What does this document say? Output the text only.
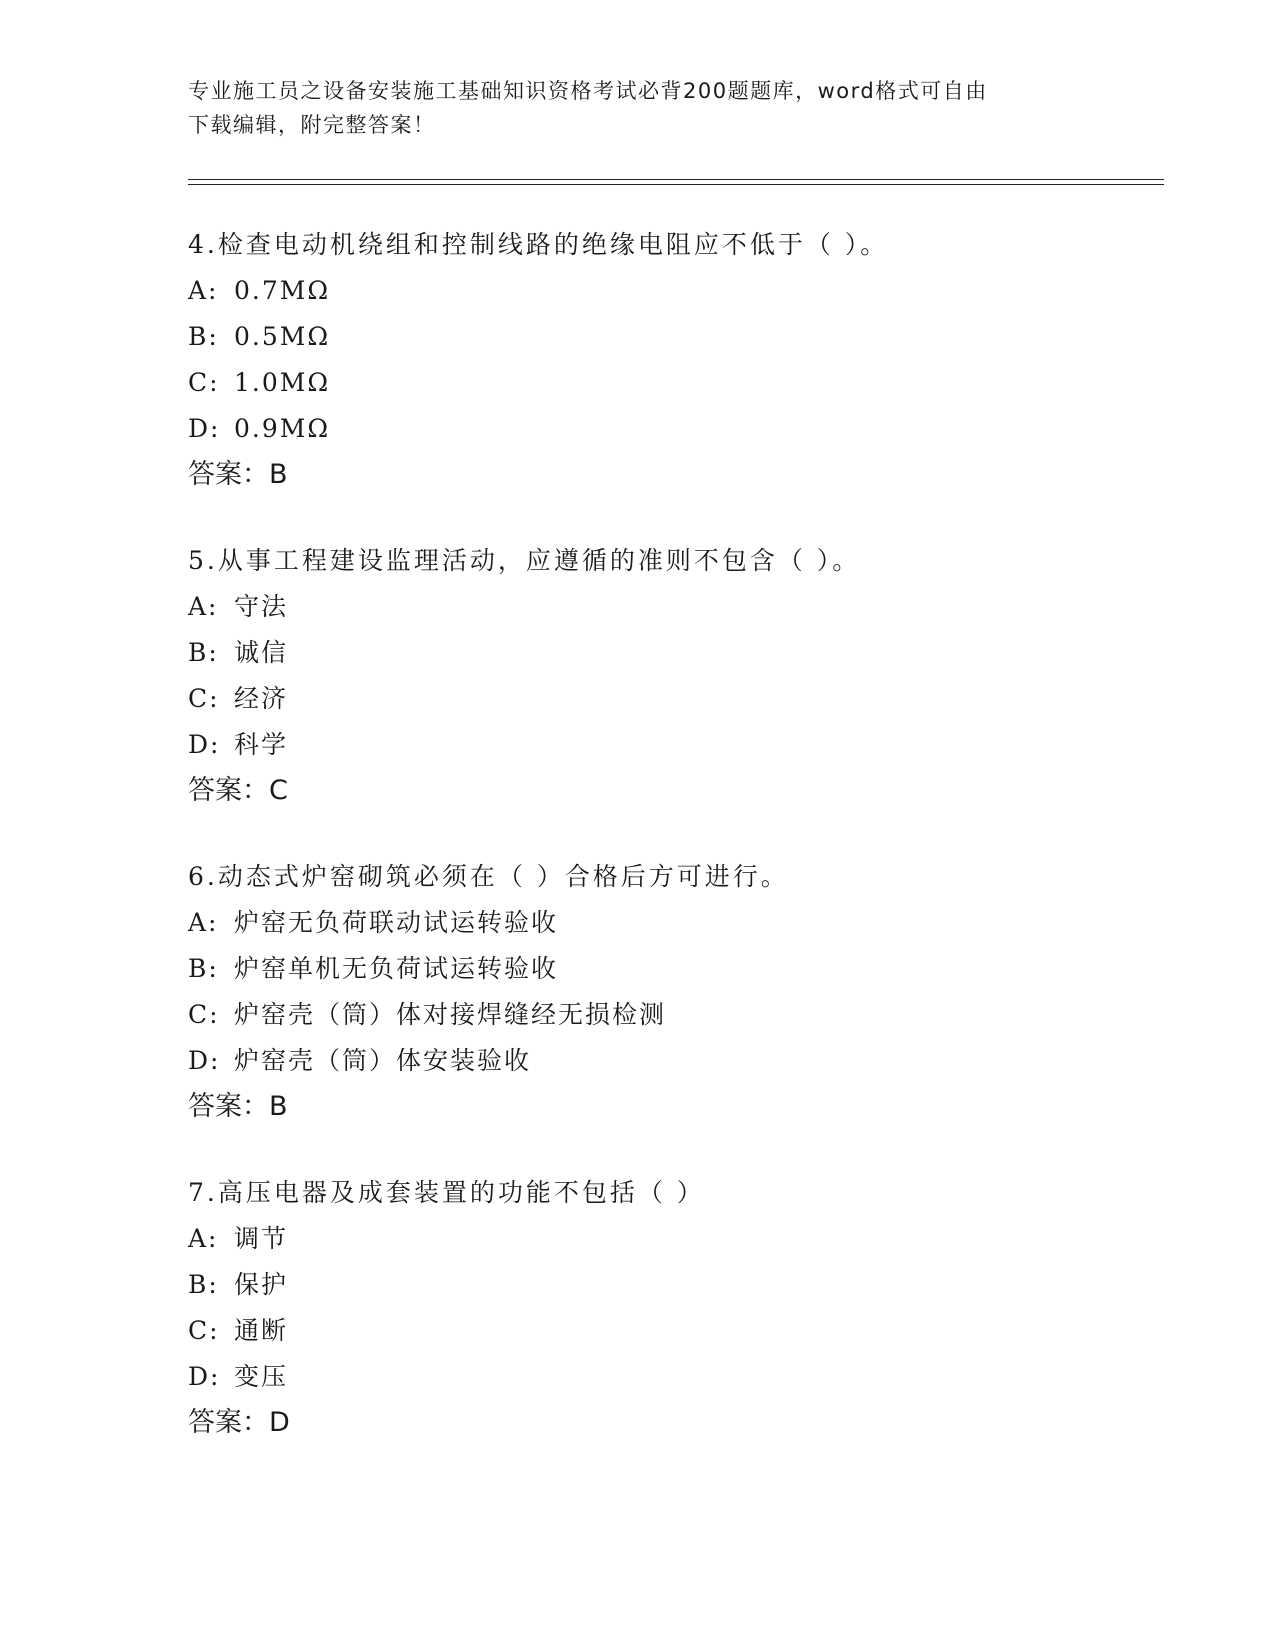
专业施工员之设备安装施工基础知识资格考试必背200题题库，word格式可自由
下载编辑，附完整答案！
4.检查电动机绕组和控制线路的绝缘电阻应不低于（ ）。
A: 0.7MΩ
B: 0.5MΩ
C: 1.0MΩ
D: 0.9MΩ
答案：B
5.从事工程建设监理活动，应遵循的准则不包含（ ）。
A: 守法
B: 诚信
C: 经济
D: 科学
答案：C
6.动态式炉窑砌筑必须在（ ）合格后方可进行。
A: 炉窑无负荷联动试运转验收
B: 炉窑单机无负荷试运转验收
C: 炉窑壳（筒）体对接焊缝经无损检测
D: 炉窑壳（筒）体安装验收
答案：B
7.高压电器及成套装置的功能不包括（ ）
A: 调节
B: 保护
C: 通断
D: 变压
答案：D
